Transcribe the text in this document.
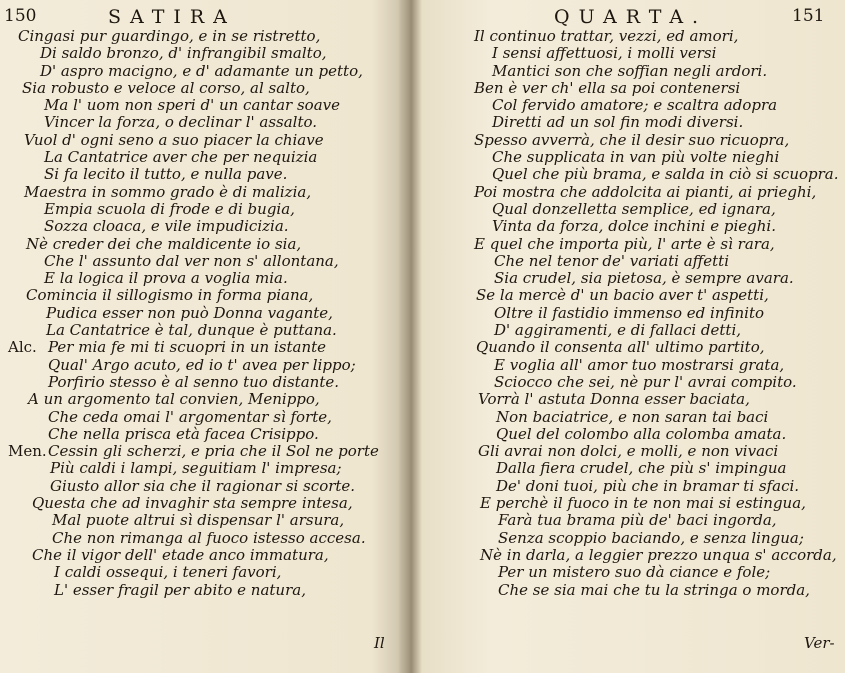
150	SATIRA
Cingasi pur guardingo, e in se ristretto,
Di saldo bronzo, d' infrangibil smalto,
D' aspro macigno, e d' adamante un petto,
Sia robusto e veloce al corso, al salto,
Ma l' uom non speri d' un cantar soave
Vincer la forza, o declinar l' assalto.
Vuol d' ogni seno a suo piacer la chiave
La Cantatrice aver che per nequizia
Si fa lecito il tutto, e nulla pave.
Maestra in sommo grado è di malizia,
Empia scuola di frode e di bugia,
Sozza cloaca, e vile impudicizia.
Nè creder dei che maldicente io sia,
Che l' assunto dal ver non s' allontana,
E la logica il prova a voglia mia.
Comincia il sillogismo in forma piana,
Pudica esser non può Donna vagante,
La Cantatrice è tal, dunque è puttana.
Alc. Per mia fe mi ti scuopri in un istante
Qual' Argo acuto, ed io t' avea per lippo;
Porfirio stesso è al senno tuo distante.
A un argomento tal convien, Menippo,
Che ceda omai l' argomentar sì forte,
Che nella prisca età facea Crisippo.
Men. Cessin gli scherzi, e pria che il Sol ne porte
Più caldi i lampi, seguitiam l' impresa;
Giusto allor sia che il ragionar si scorte.
Questa che ad invaghir sta sempre intesa,
Mal puote altrui sì dispensar l' arsura,
Che non rimanga al fuoco istesso accesa.
Che il vigor dell' etade anco immatura,
I caldi ossequi, i teneri favori,
L' esser fragil per abito e natura,
Il
QUARTA.	151
Il continuo trattar, vezzi, ed amori,
I sensi affettuosi, i molli versi
Mantici son che soffian negli ardori.
Ben è ver ch' ella sa poi contenersi
Col fervido amatore; e scaltra adopra
Diretti ad un sol fin modi diversi.
Spesso avverrà, che il desir suo ricuopra,
Che supplicata in van più volte nieghi
Quel che più brama, e salda in ciò si scuopra.
Poi mostra che addolcita ai pianti, ai prieghi,
Qual donzelletta semplice, ed ignara,
Vinta da forza, dolce inchini e pieghi.
E quel che importa più, l' arte è sì rara,
Che nel tenor de' variati affetti
Sia crudel, sia pietosa, è sempre avara.
Se la mercè d' un bacio aver t' aspetti,
Oltre il fastidio immenso ed infinito
D' aggiramenti, e di fallaci detti,
Quando il consenta all' ultimo partito,
E voglia all' amor tuo mostrarsi grata,
Sciocco che sei, nè pur l' avrai compito.
Vorrà l' astuta Donna esser baciata,
Non baciatrice, e non saran tai baci
Quel del colombo alla colomba amata.
Gli avrai non dolci, e molli, e non vivaci
Dalla fiera crudel, che più s' impingua
De' doni tuoi, più che in bramar ti sfaci.
E perchè il fuoco in te non mai si estingua,
Farà tua brama più de' baci ingorda,
Senza scoppio baciando, e senza lingua;
Nè in darla, a leggier prezzo unqua s' accorda,
Per un mistero suo dà ciance e fole;
Che se sia mai che tu la stringa o morda,
Ver-
